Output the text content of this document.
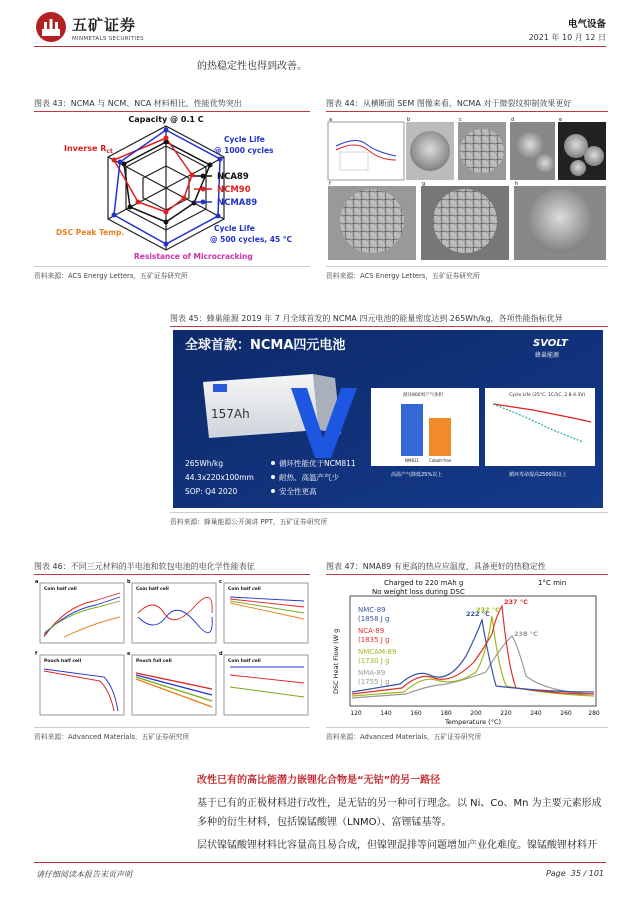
五矿证券
MINMETALS SECURITIES
电气设备
2021 年 10 月 12 日
的热稳定性也得到改善。
图表 43：NCMA 与 NCM、NCA 材料相比，性能优势突出
Capacity @ 0.1 C
Inverse $R_{ct}$
Cycle Life
@ 1000 cycles
DSC Peak Temp.	Cycle Life
@ 500 cycles, 45 °C
Resistance of Microcracking
NCA89
NCM90
NCMA89
资料来源：ACS Energy Letters，五矿证券研究所
图表 44：从横断面 SEM 图像来看，NCMA 对于微裂纹抑制效果更好
a	b	c	d	e
f	g	h
资料来源：ACS Energy Letters，五矿证券研究所
图表 45：蜂巢能源 2019 年 7 月全球首发的 NCMA 四元电池的能量密度达到 265Wh/kg，各项性能指标优异
全球首款：NCMA四元电池	SVOLT
蜂巢能源
157Ah
265Wh/kg
44.3x220x100mm
SOP: Q4 2020
循环性能优于NCM811
耐热、高温产气少
安全性更高
循环800周产气体积
NM811 Cobalt-free
高温产气降低25%以上
Cycle Life (25°C, 1C/1C, 2.8-4.3V)
循环寿命提高2500周以上
资料来源：蜂巢能源公开演讲 PPT，五矿证券研究所
图表 46：不同三元材料的半电池和软包电池的电化学性能表征
a	b	c
f	e	d
Coin half cell	Coin half cell	Coin half cell
Pouch half cell	Pouch full cell	Coin half cell
资料来源：Advanced Materials，五矿证券研究所
图表 47：NMA89 有更高的热应应温度，具备更好的热稳定性
Charged to 220 mAh g
No weight loss during DSC
1°C min
DSC Heat Flow (W g
NMC-89
(1858 J g
NCA-89
(1835 J g
NMCAM-89
(1730 J g
NMA-89
(1755 J g
222 °C
237 °C
232 °C
238 °C
120	140	160	180	200	220	240	260	280
Temperature (°C)
资料来源：Advanced Materials，五矿证券研究所
改性已有的高比能潜力嵌锂化合物是“无钴”的另一路径
基于已有的正极材料进行改性，是无钴的另一种可行理念。以 Ni、Co、Mn 为主要元素形成
多种的衍生材料，包括镍锰酸锂（LNMO）、富锂锰基等。
层状镍锰酸锂材料比容量高且易合成，但镍锂混排等问题增加产业化难度。镍锰酸锂材料开
请仔细阅读本报告末页声明	Page 35 / 101
